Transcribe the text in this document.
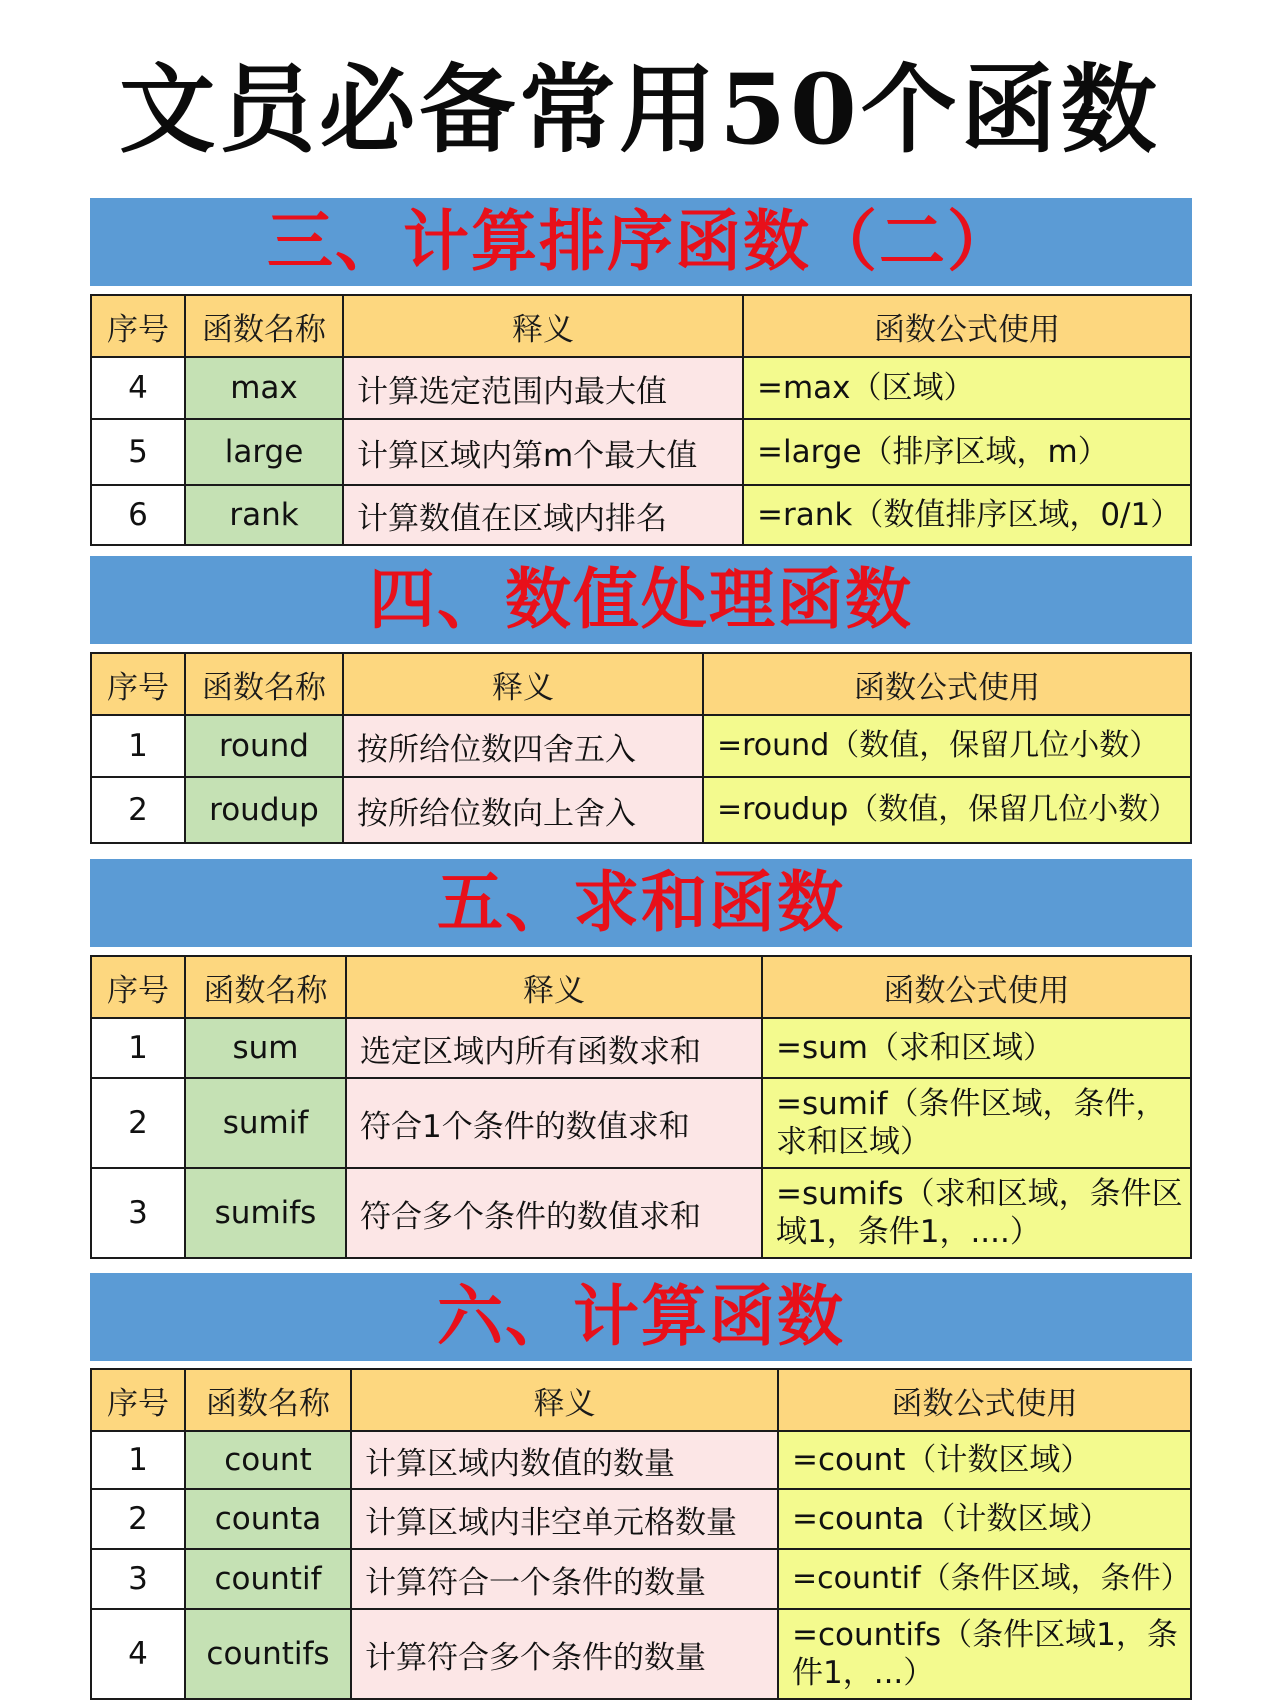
文员必备常用50个函数
三、计算排序函数（二）
序号	函数名称	释义	函数公式使用
4	max	计算选定范围内最大值	=max（区域）
5	large	计算区域内第m个最大值	=large（排序区域，m）
6	rank	计算数值在区域内排名	=rank（数值排序区域，0/1）
四、数值处理函数
序号	函数名称	释义	函数公式使用
1	round	按所给位数四舍五入	=round（数值，保留几位小数）
2	roudup	按所给位数向上舍入	=roudup（数值，保留几位小数）
五、求和函数
序号	函数名称	释义	函数公式使用
1	sum	选定区域内所有函数求和	=sum（求和区域）
2	sumif	符合1个条件的数值求和	=sumif（条件区域，条件，求和区域）
3	sumifs	符合多个条件的数值求和	=sumifs（求和区域，条件区域1，条件1，....）
六、计算函数
序号	函数名称	释义	函数公式使用
1	count	计算区域内数值的数量	=count（计数区域）
2	counta	计算区域内非空单元格数量	=counta（计数区域）
3	countif	计算符合一个条件的数量	=countif（条件区域，条件）
4	countifs	计算符合多个条件的数量	=countifs（条件区域1，条件1，...）
